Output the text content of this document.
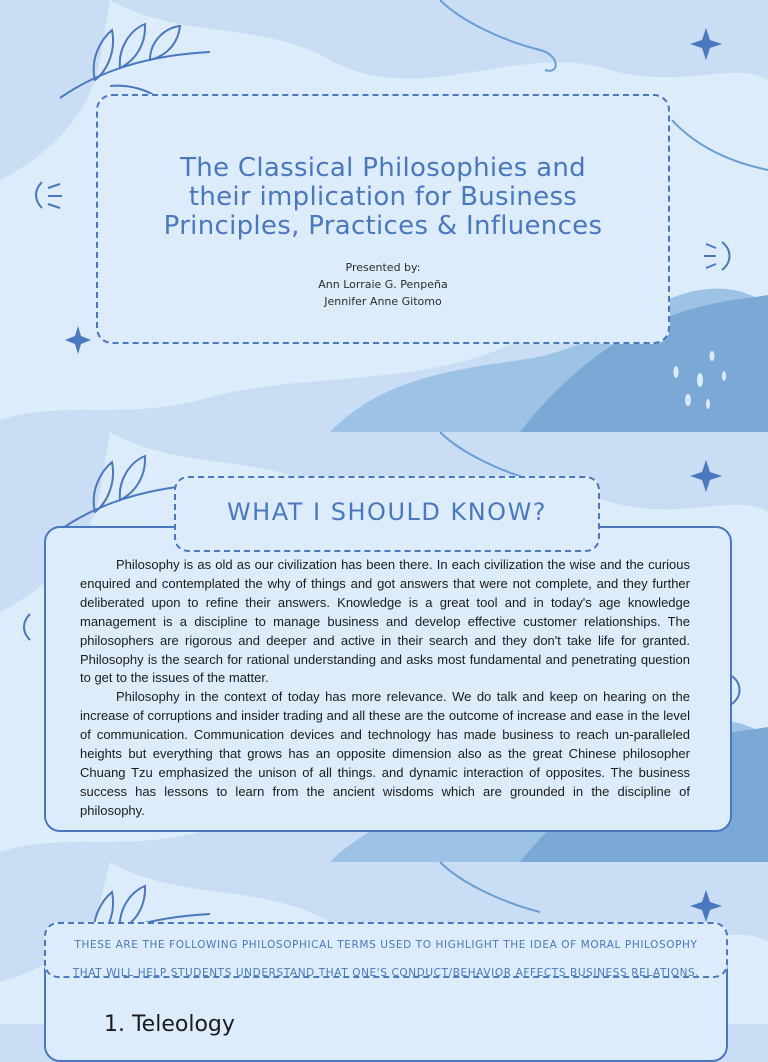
The Classical Philosophies and
their implication for Business
Principles, Practices & Influences
Presented by:
Ann Lorraie G. Penpeña
Jennifer Anne Gitomo
WHAT I SHOULD KNOW?

Philosophy is as old as our civilization has been there. In each civilization the wise and the curious enquired and contemplated the why of things and got answers that were not complete, and they further deliberated upon to refine their answers. Knowledge is a great tool and in today's age knowledge management is a discipline to manage business and develop effective customer relationships. The philosophers are rigorous and deeper and active in their search and they don't take life for granted. Philosophy is the search for rational understanding and asks most fundamental and penetrating question to get to the issues of the matter.

Philosophy in the context of today has more relevance. We do talk and keep on hearing on the increase of corruptions and insider trading and all these are the outcome of increase and ease in the level of communication. Communication devices and technology has made business to reach un-paralleled heights but everything that grows has an opposite dimension also as the great Chinese philosopher Chuang Tzu emphasized the unison of all things. and dynamic interaction of opposites. The business success has lessons to learn from the ancient wisdoms which are grounded in the discipline of philosophy.

THESE ARE THE FOLLOWING PHILOSOPHICAL TERMS USED TO HIGHLIGHT THE IDEA OF MORAL PHILOSOPHY
THAT WILL HELP STUDENTS UNDERSTAND THAT ONE'S CONDUCT/BEHAVIOR AFFECTS BUSINESS RELATIONS.
1. Teleology
